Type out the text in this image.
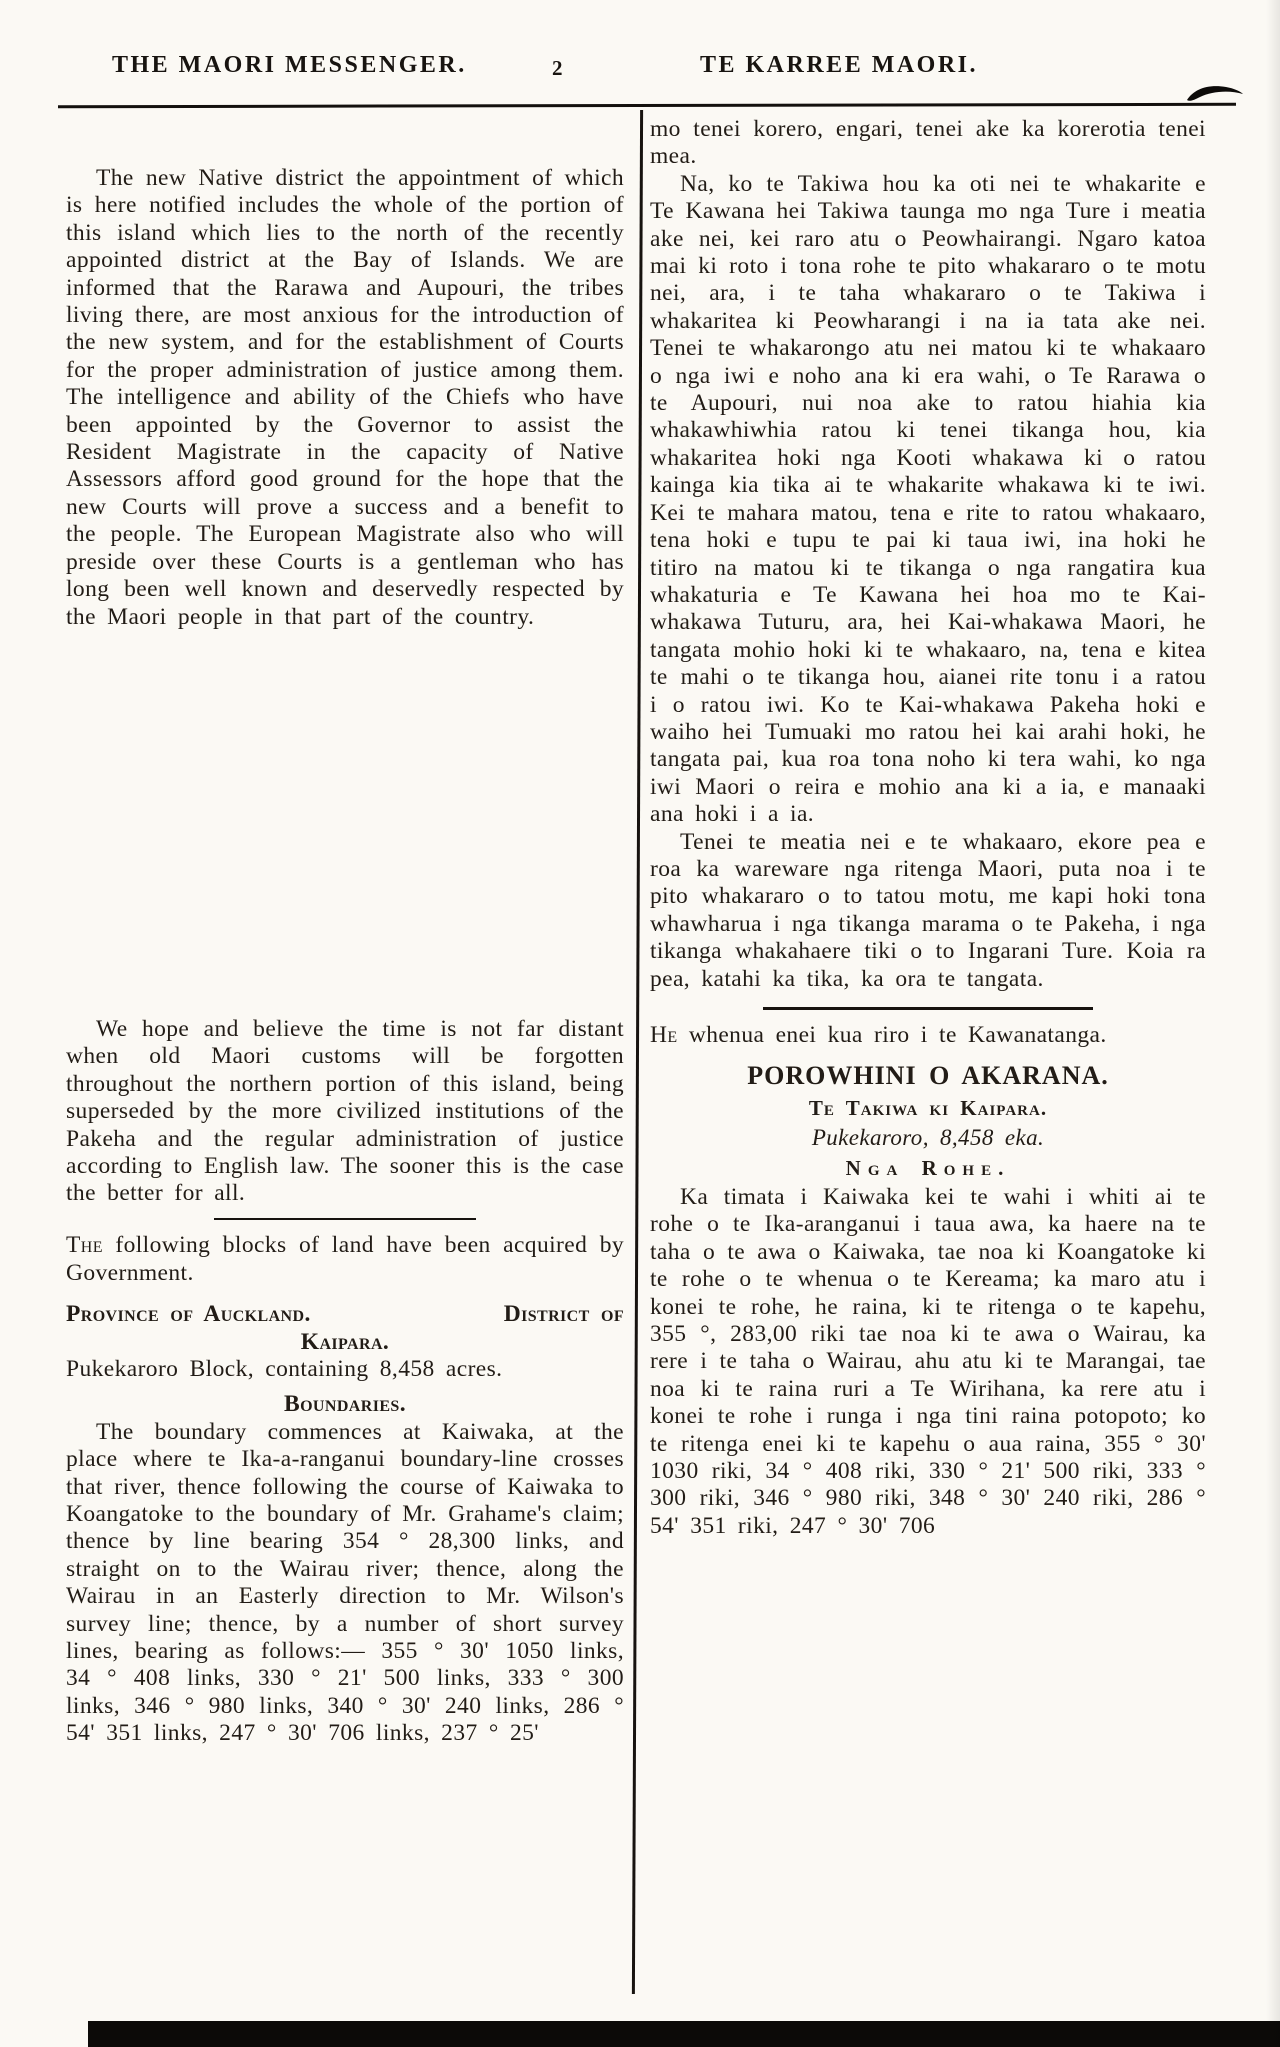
THE MAORI MESSENGER.	2	TE KARREE MAORI.

The new Native district the appointment of which is here notified includes the whole of the portion of this island which lies to the north of the recently appointed district at the Bay of Islands. We are informed that the Rarawa and Aupouri, the tribes living there, are most anxious for the introduction of the new system, and for the establishment of Courts for the proper administration of justice among them. The intelligence and ability of the Chiefs who have been appointed by the Governor to assist the Resident Magistrate in the capacity of Native Assessors afford good ground for the hope that the new Courts will prove a success and a benefit to the people. The European Magistrate also who will preside over these Courts is a gentleman who has long been well known and deservedly respected by the Maori people in that part of the country.

We hope and believe the time is not far distant when old Maori customs will be forgotten throughout the northern portion of this island, being superseded by the more civilized institutions of the Pakeha and the regular administration of justice according to English law. The sooner this is the case the better for all.

The following blocks of land have been acquired by Government.

Province of Auckland.	District of
Kaipara.

Pukekaroro Block, containing 8,458 acres.

Boundaries.

The boundary commences at Kaiwaka, at the place where te Ika-a-ranganui boundary-line crosses that river, thence following the course of Kaiwaka to Koangatoke to the boundary of Mr. Grahame's claim; thence by line bearing 354 ° 28,300 links, and straight on to the Wairau river; thence, along the Wairau in an Easterly direction to Mr. Wilson's survey line; thence, by a number of short survey lines, bearing as follows:— 355 ° 30' 1050 links, 34 ° 408 links, 330 ° 21' 500 links, 333 ° 300 links, 346 ° 980 links, 340 ° 30' 240 links, 286 ° 54' 351 links, 247 ° 30' 706 links, 237 ° 25'

mo tenei korero, engari, tenei ake ka korerotia tenei mea.

Na, ko te Takiwa hou ka oti nei te whakarite e Te Kawana hei Takiwa taunga mo nga Ture i meatia ake nei, kei raro atu o Peowhairangi. Ngaro katoa mai ki roto i tona rohe te pito whakararo o te motu nei, ara, i te taha whakararo o te Takiwa i whakaritea ki Peowharangi i na ia tata ake nei. Tenei te whakarongo atu nei matou ki te whakaaro o nga iwi e noho ana ki era wahi, o Te Rarawa o te Aupouri, nui noa ake to ratou hiahia kia whakawhiwhia ratou ki tenei tikanga hou, kia whakaritea hoki nga Kooti whakawa ki o ratou kainga kia tika ai te whakarite whakawa ki te iwi. Kei te mahara matou, tena e rite to ratou whakaaro, tena hoki e tupu te pai ki taua iwi, ina hoki he titiro na matou ki te tikanga o nga rangatira kua whakaturia e Te Kawana hei hoa mo te Kai-whakawa Tuturu, ara, hei Kai-whakawa Maori, he tangata mohio hoki ki te whakaaro, na, tena e kitea te mahi o te tikanga hou, aianei rite tonu i a ratou i o ratou iwi. Ko te Kai-whakawa Pakeha hoki e waiho hei Tumuaki mo ratou hei kai arahi hoki, he tangata pai, kua roa tona noho ki tera wahi, ko nga iwi Maori o reira e mohio ana ki a ia, e manaaki ana hoki i a ia.

Tenei te meatia nei e te whakaaro, ekore pea e roa ka wareware nga ritenga Maori, puta noa i te pito whakararo o to tatou motu, me kapi hoki tona whawharua i nga tikanga marama o te Pakeha, i nga tikanga whakahaere tiki o to Ingarani Ture. Koia ra pea, katahi ka tika, ka ora te tangata.

He whenua enei kua riro i te Kawanatanga.

POROWHINI O AKARANA.
Te Takiwa ki Kaipara.
Pukekaroro, 8,458 eka.
Nga Rohe.

Ka timata i Kaiwaka kei te wahi i whiti ai te rohe o te Ika-aranganui i taua awa, ka haere na te taha o te awa o Kaiwaka, tae noa ki Koangatoke ki te rohe o te whenua o te Kereama; ka maro atu i konei te rohe, he raina, ki te ritenga o te kapehu, 355 °, 283,00 riki tae noa ki te awa o Wairau, ka rere i te taha o Wairau, ahu atu ki te Marangai, tae noa ki te raina ruri a Te Wirihana, ka rere atu i konei te rohe i runga i nga tini raina potopoto; ko te ritenga enei ki te kapehu o aua raina, 355 ° 30' 1030 riki, 34 ° 408 riki, 330 ° 21' 500 riki, 333 ° 300 riki, 346 ° 980 riki, 348 ° 30' 240 riki, 286 ° 54' 351 riki, 247 ° 30' 706
